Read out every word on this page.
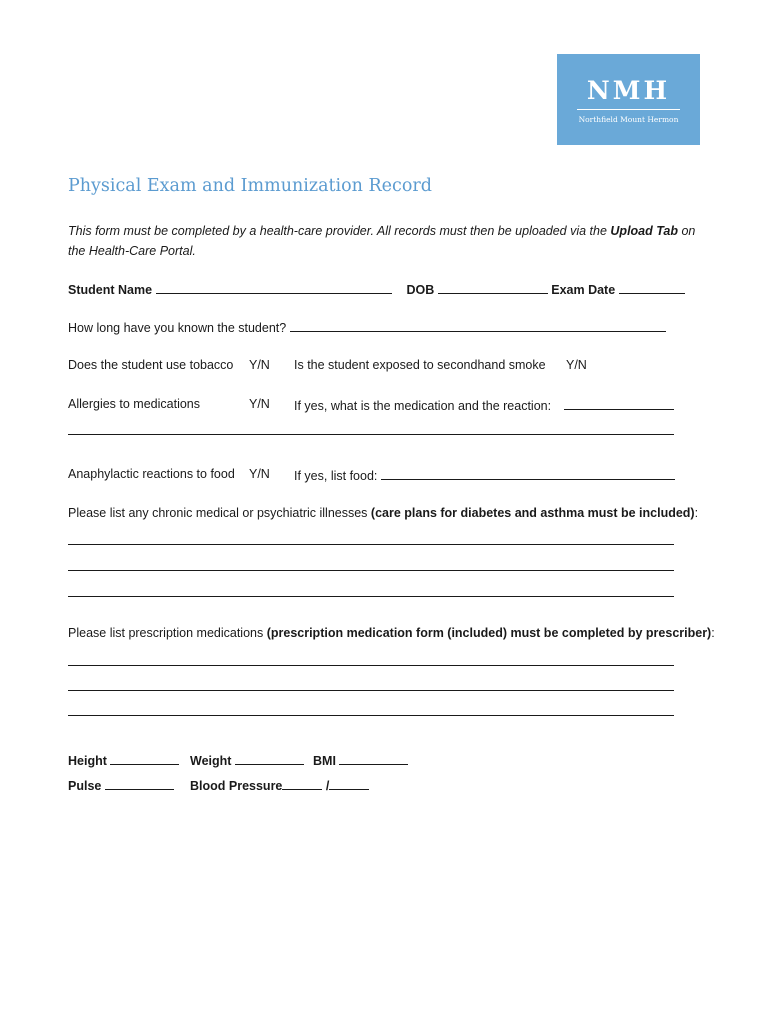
NMH
Northfield Mount Hermon
Physical Exam and Immunization Record
This form must be completed by a health-care provider. All records must then be uploaded via the Upload Tab on the Health-Care Portal.
Student Name	DOB	Exam Date
How long have you known the student?
Does the student use tobacco Y/N Is the student exposed to secondhand smoke Y/N
Allergies to medications	Y/N If yes, what is the medication and the reaction:
Anaphylactic reactions to food Y/N If yes, list food:
Please list any chronic medical or psychiatric illnesses (care plans for diabetes and asthma must be included):
Please list prescription medications (prescription medication form (included) must be completed by prescriber):
Height	Weight	BMI
Pulse	Blood Pressure	/
